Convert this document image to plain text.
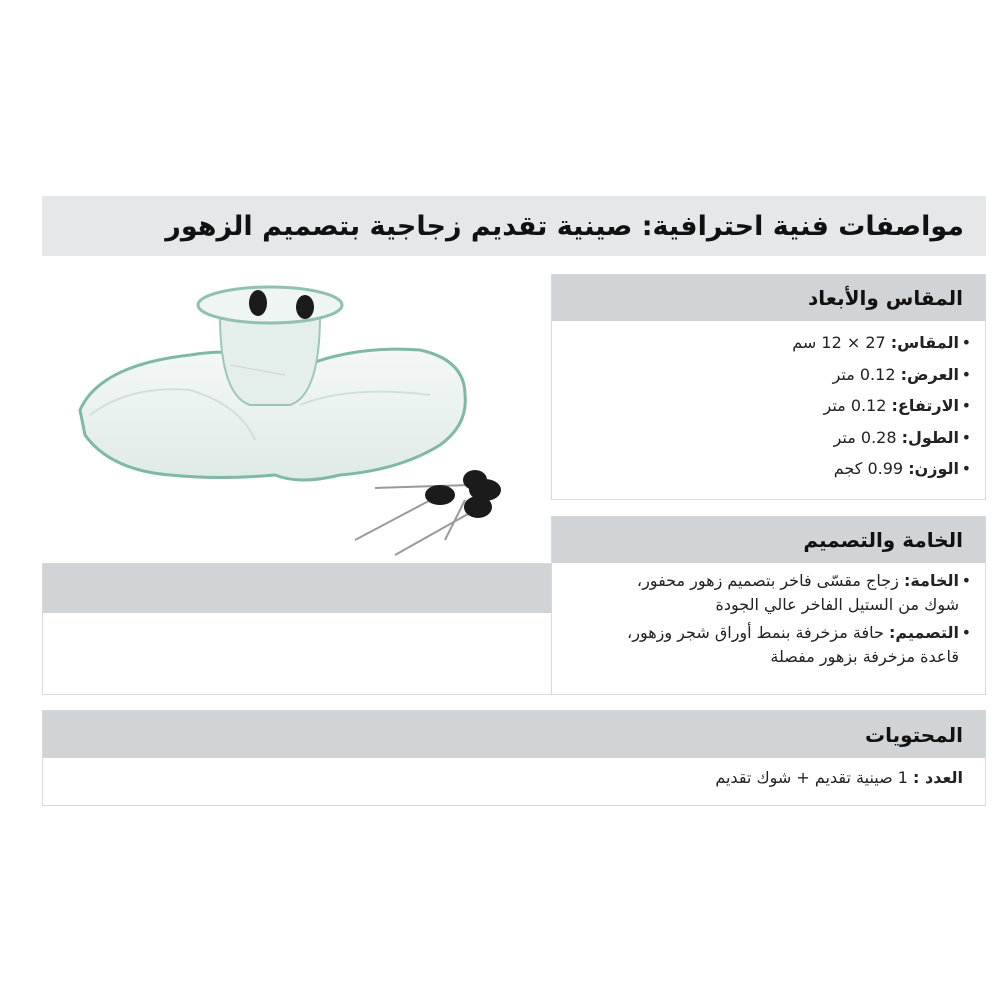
مواصفات فنية احترافية: صينية تقديم زجاجية بتصميم الزهور
المقاس والأبعاد
•المقاس: 27 × 12 سم
•العرض: 0.12 متر
•الارتفاع: 0.12 متر
•الطول: 0.28 متر
•الوزن: 0.99 كجم
الخامة والتصميم
•الخامة: زجاج مقسّى فاخر بتصميم زهور محفور،
شوك من الستيل الفاخر عالي الجودة
•التصميم: حافة مزخرفة بنمط أوراق شجر وزهور،
قاعدة مزخرفة بزهور مفصلة
المحتويات
العدد : 1 صينية تقديم + شوك تقديم
